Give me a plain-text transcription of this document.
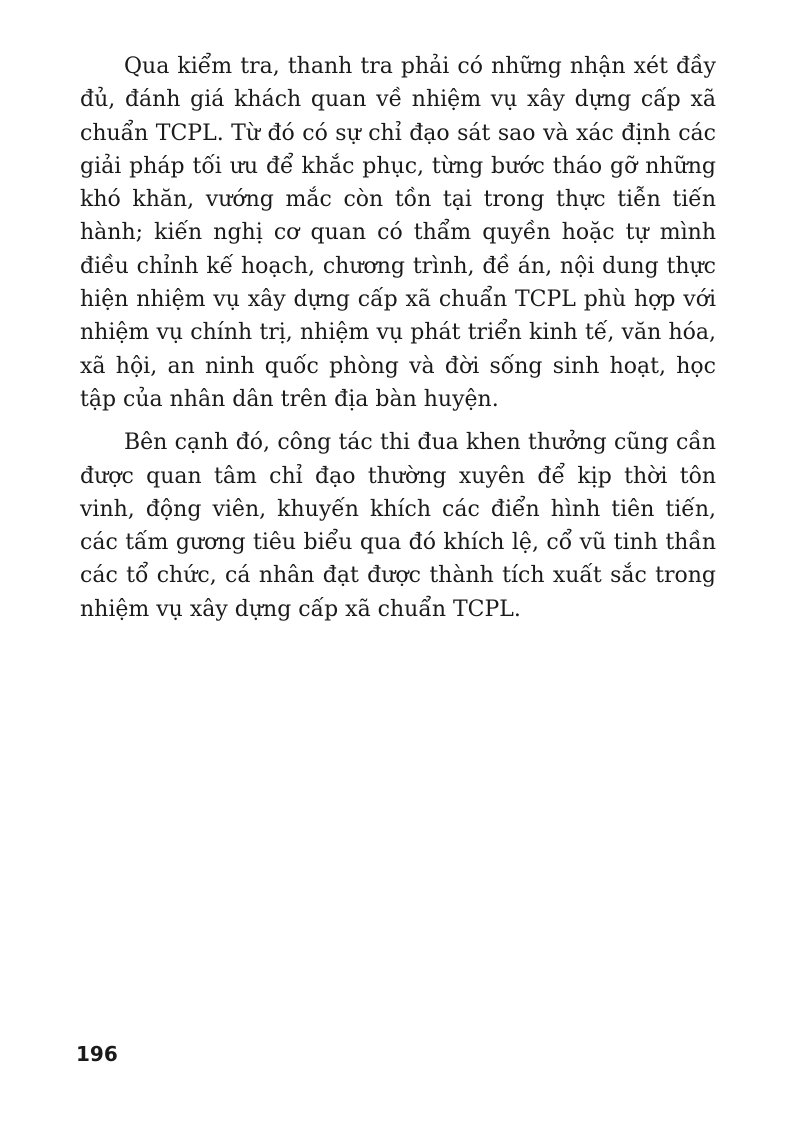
Qua kiểm tra, thanh tra phải có những nhận xét đầy đủ, đánh giá khách quan về nhiệm vụ xây dựng cấp xã chuẩn TCPL. Từ đó có sự chỉ đạo sát sao và xác định các giải pháp tối ưu để khắc phục, từng bước tháo gỡ những khó khăn, vướng mắc còn tồn tại trong thực tiễn tiến hành; kiến nghị cơ quan có thẩm quyền hoặc tự mình điều chỉnh kế hoạch, chương trình, đề án, nội dung thực hiện nhiệm vụ xây dựng cấp xã chuẩn TCPL phù hợp với nhiệm vụ chính trị, nhiệm vụ phát triển kinh tế, văn hóa, xã hội, an ninh quốc phòng và đời sống sinh hoạt, học tập của nhân dân trên địa bàn huyện.

Bên cạnh đó, công tác thi đua khen thưởng cũng cần được quan tâm chỉ đạo thường xuyên để kịp thời tôn vinh, động viên, khuyến khích các điển hình tiên tiến, các tấm gương tiêu biểu qua đó khích lệ, cổ vũ tinh thần các tổ chức, cá nhân đạt được thành tích xuất sắc trong nhiệm vụ xây dựng cấp xã chuẩn TCPL.

196
